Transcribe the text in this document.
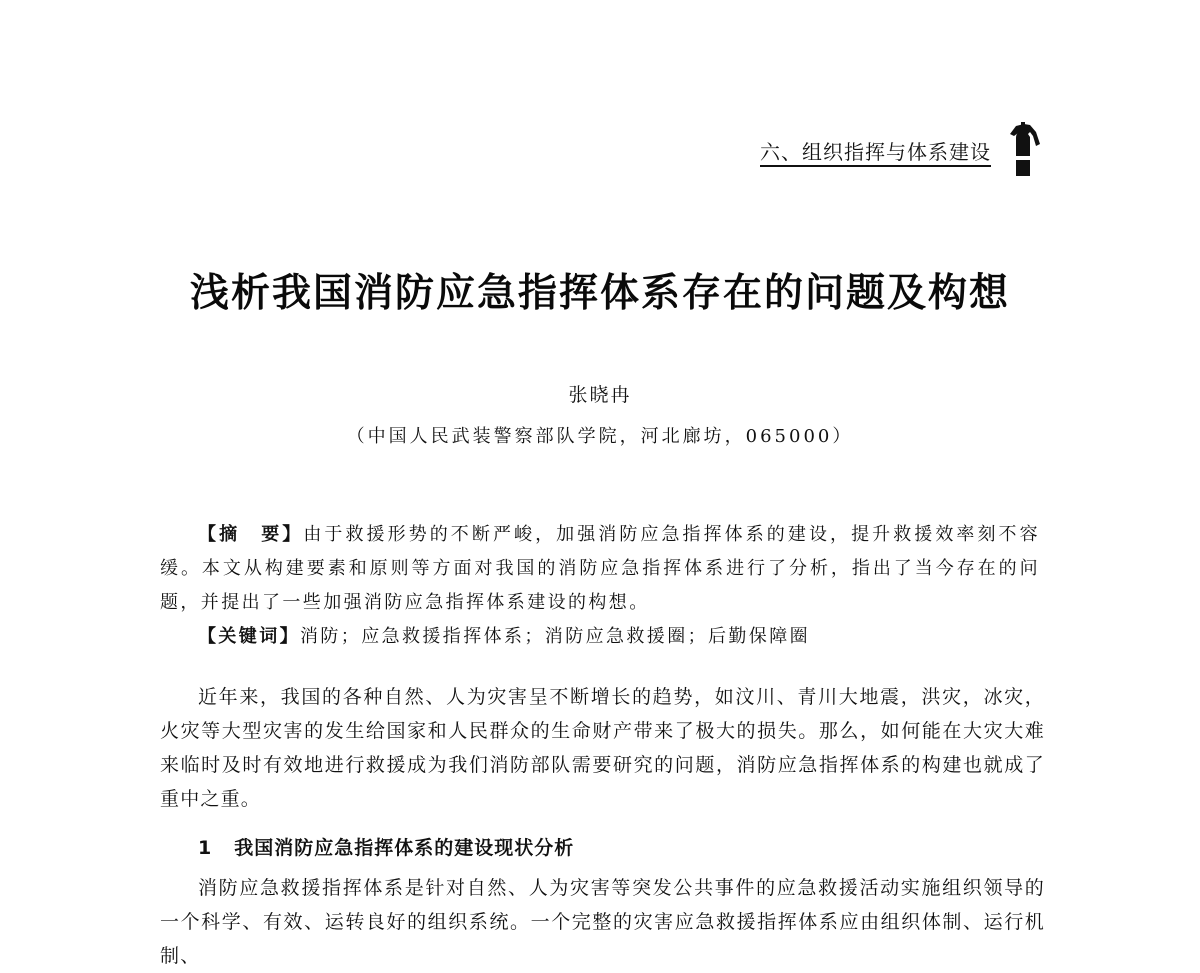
六、组织指挥与体系建设
浅析我国消防应急指挥体系存在的问题及构想
张晓冉
（中国人民武装警察部队学院，河北廊坊，065000）

【摘　要】由于救援形势的不断严峻，加强消防应急指挥体系的建设，提升救援效率刻不容缓。本文从构建要素和原则等方面对我国的消防应急指挥体系进行了分析，指出了当今存在的问题，并提出了一些加强消防应急指挥体系建设的构想。

【关键词】消防；应急救援指挥体系；消防应急救援圈；后勤保障圈

近年来，我国的各种自然、人为灾害呈不断增长的趋势，如汶川、青川大地震，洪灾，冰灾，火灾等大型灾害的发生给国家和人民群众的生命财产带来了极大的损失。那么，如何能在大灾大难来临时及时有效地进行救援成为我们消防部队需要研究的问题，消防应急指挥体系的构建也就成了重中之重。

1 我国消防应急指挥体系的建设现状分析

消防应急救援指挥体系是针对自然、人为灾害等突发公共事件的应急救援活动实施组织领导的一个科学、有效、运转良好的组织系统。一个完整的灾害应急救援指挥体系应由组织体制、运行机制、
